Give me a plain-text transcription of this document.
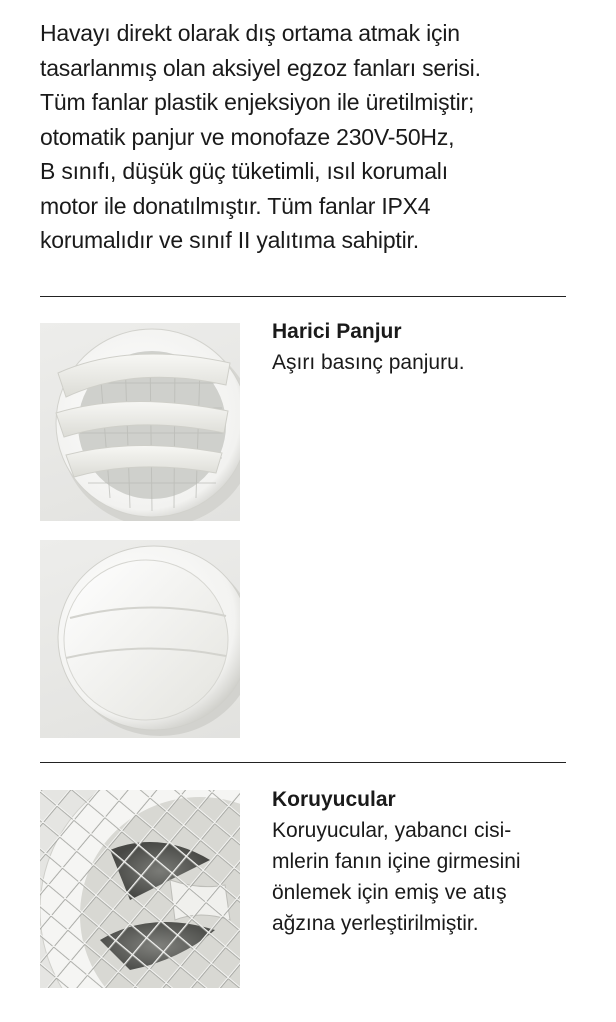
Havayı direkt olarak dış ortama atmak için
tasarlanmış olan aksiyel egzoz fanları serisi.
Tüm fanlar plastik enjeksiyon ile üretilmiştir;
otomatik panjur ve monofaze 230V-50Hz,
B sınıfı, düşük güç tüketimli, ısıl korumalı
motor ile donatılmıştır. Tüm fanlar IPX4
korumalıdır ve sınıf II yalıtıma sahiptir.

Harici Panjur

Aşırı basınç panjuru.

Koruyucular

Koruyucular, yabancı cisi-
mlerin fanın içine girmesini
önlemek için emiş ve atış
ağzına yerleştirilmiştir.
